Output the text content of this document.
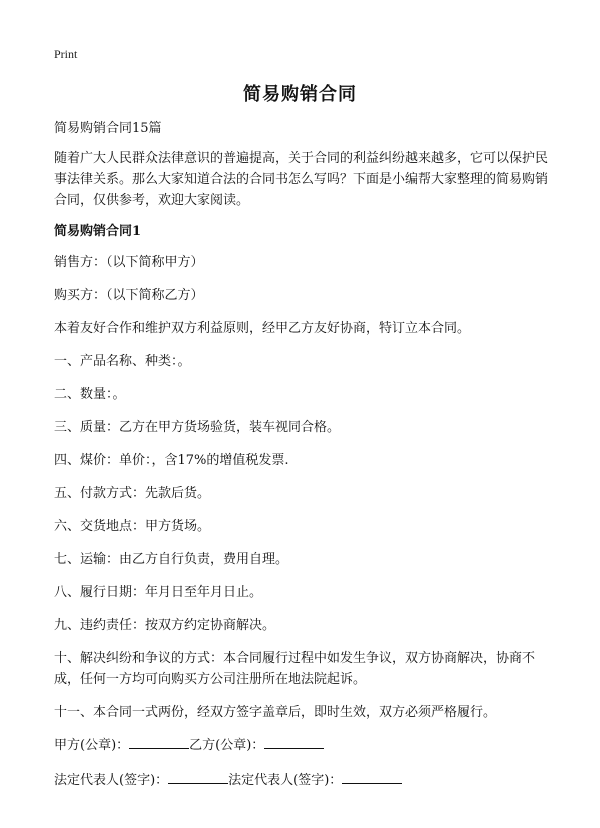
Print
简易购销合同

简易购销合同15篇

随着广大人民群众法律意识的普遍提高，关于合同的利益纠纷越来越多，它可以保护民事法律关系。那么大家知道合法的合同书怎么写吗？下面是小编帮大家整理的简易购销合同，仅供参考，欢迎大家阅读。

简易购销合同1

销售方：（以下简称甲方）

购买方：（以下简称乙方）

本着友好合作和维护双方利益原则，经甲乙方友好协商，特订立本合同。

一、产品名称、种类：。

二、数量：。

三、质量：乙方在甲方货场验货，装车视同合格。

四、煤价：单价：，含17%的增值税发票.

五、付款方式：先款后货。

六、交货地点：甲方货场。

七、运输：由乙方自行负责，费用自理。

八、履行日期：年月日至年月日止。

九、违约责任：按双方约定协商解决。

十、解决纠纷和争议的方式：本合同履行过程中如发生争议，双方协商解决，协商不成，任何一方均可向购买方公司注册所在地法院起诉。

十一、本合同一式两份，经双方签字盖章后，即时生效，双方必须严格履行。

甲方(公章)：	乙方(公章)：

法定代表人(签字)：	法定代表人(签字)：
